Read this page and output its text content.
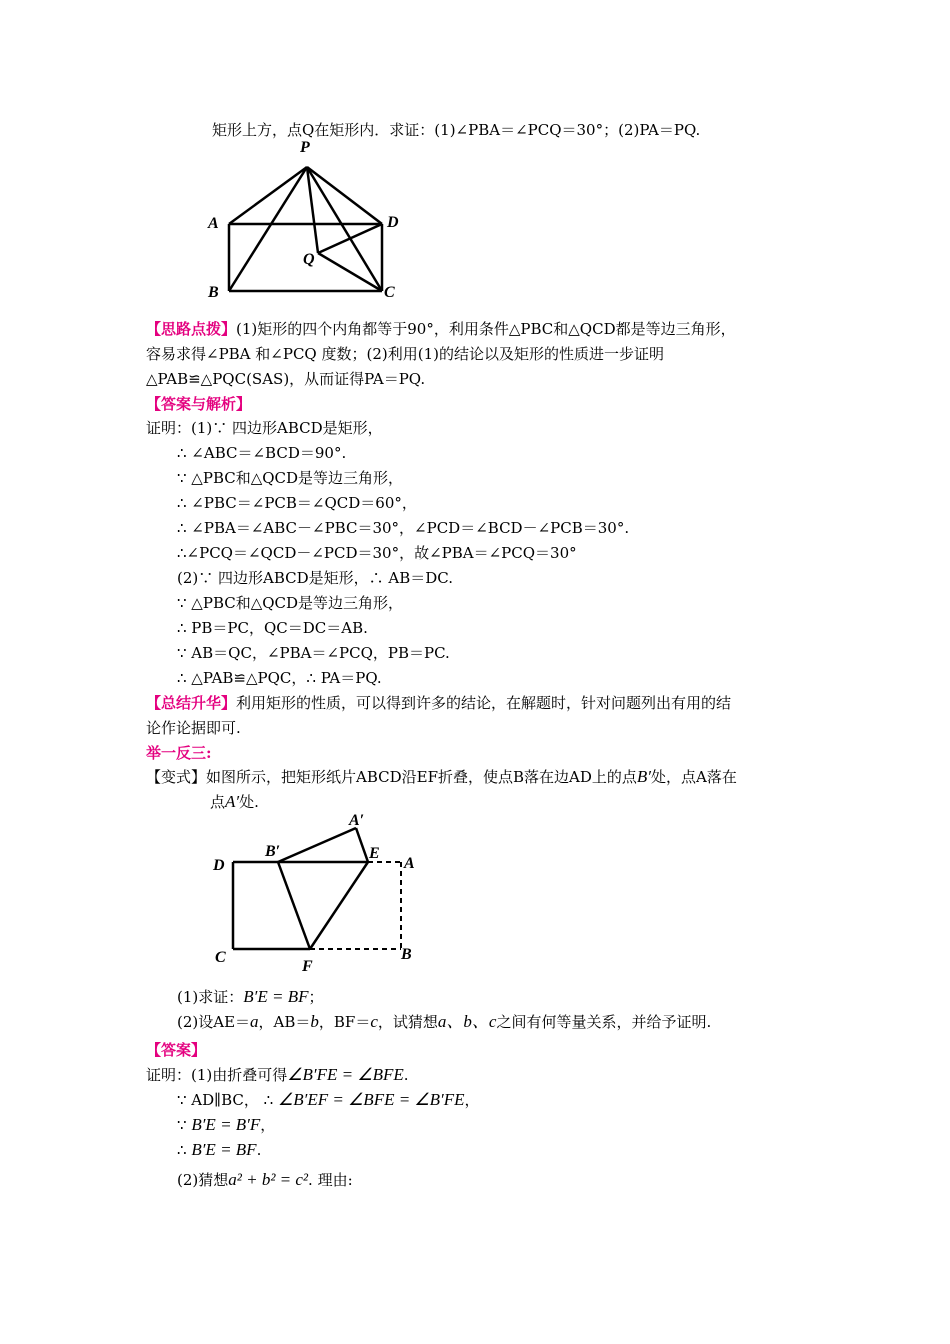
矩形上方，点Q在矩形内．求证：(1)∠PBA＝∠PCQ＝30°；(2)PA＝PQ.
P
A	D
Q
B	C
A′
D
B′	E
A
C
F
B
【思路点拨】(1)矩形的四个内角都等于90°，利用条件△PBC和△QCD都是等边三角形，
容易求得∠PBA 和∠PCQ 度数；(2)利用(1)的结论以及矩形的性质进一步证明
△PAB≌△PQC(SAS)，从而证得PA＝PQ.
【答案与解析】
证明：(1)∵ 四边形ABCD是矩形，
∴ ∠ABC＝∠BCD＝90°.
∵ △PBC和△QCD是等边三角形，
∴ ∠PBC＝∠PCB＝∠QCD＝60°，
∴ ∠PBA＝∠ABC－∠PBC＝30°，∠PCD＝∠BCD－∠PCB＝30°.
∴∠PCQ＝∠QCD－∠PCD＝30°，故∠PBA＝∠PCQ＝30°
(2)∵ 四边形ABCD是矩形，∴ AB＝DC.
∵ △PBC和△QCD是等边三角形，
∴ PB＝PC，QC＝DC＝AB.
∵ AB＝QC，∠PBA＝∠PCQ，PB＝PC.
∴ △PAB≌△PQC，∴ PA＝PQ.
【总结升华】利用矩形的性质，可以得到许多的结论，在解题时，针对问题列出有用的结
论作论据即可.
举一反三:
【变式】如图所示，把矩形纸片ABCD沿EF折叠，使点B落在边AD上的点B′处，点A落在
点A′处.
(1)求证：B′E = BF；
(2)设AE＝a，AB＝b，BF＝c，试猜想a、b、c之间有何等量关系，并给予证明.
【答案】
证明：(1)由折叠可得∠B′FE = ∠BFE.
∵ AD∥BC， ∴ ∠B′EF = ∠BFE = ∠B′FE，
∵ B′E = B′F，
∴ B′E = BF.
(2)猜想a² + b² = c². 理由:
